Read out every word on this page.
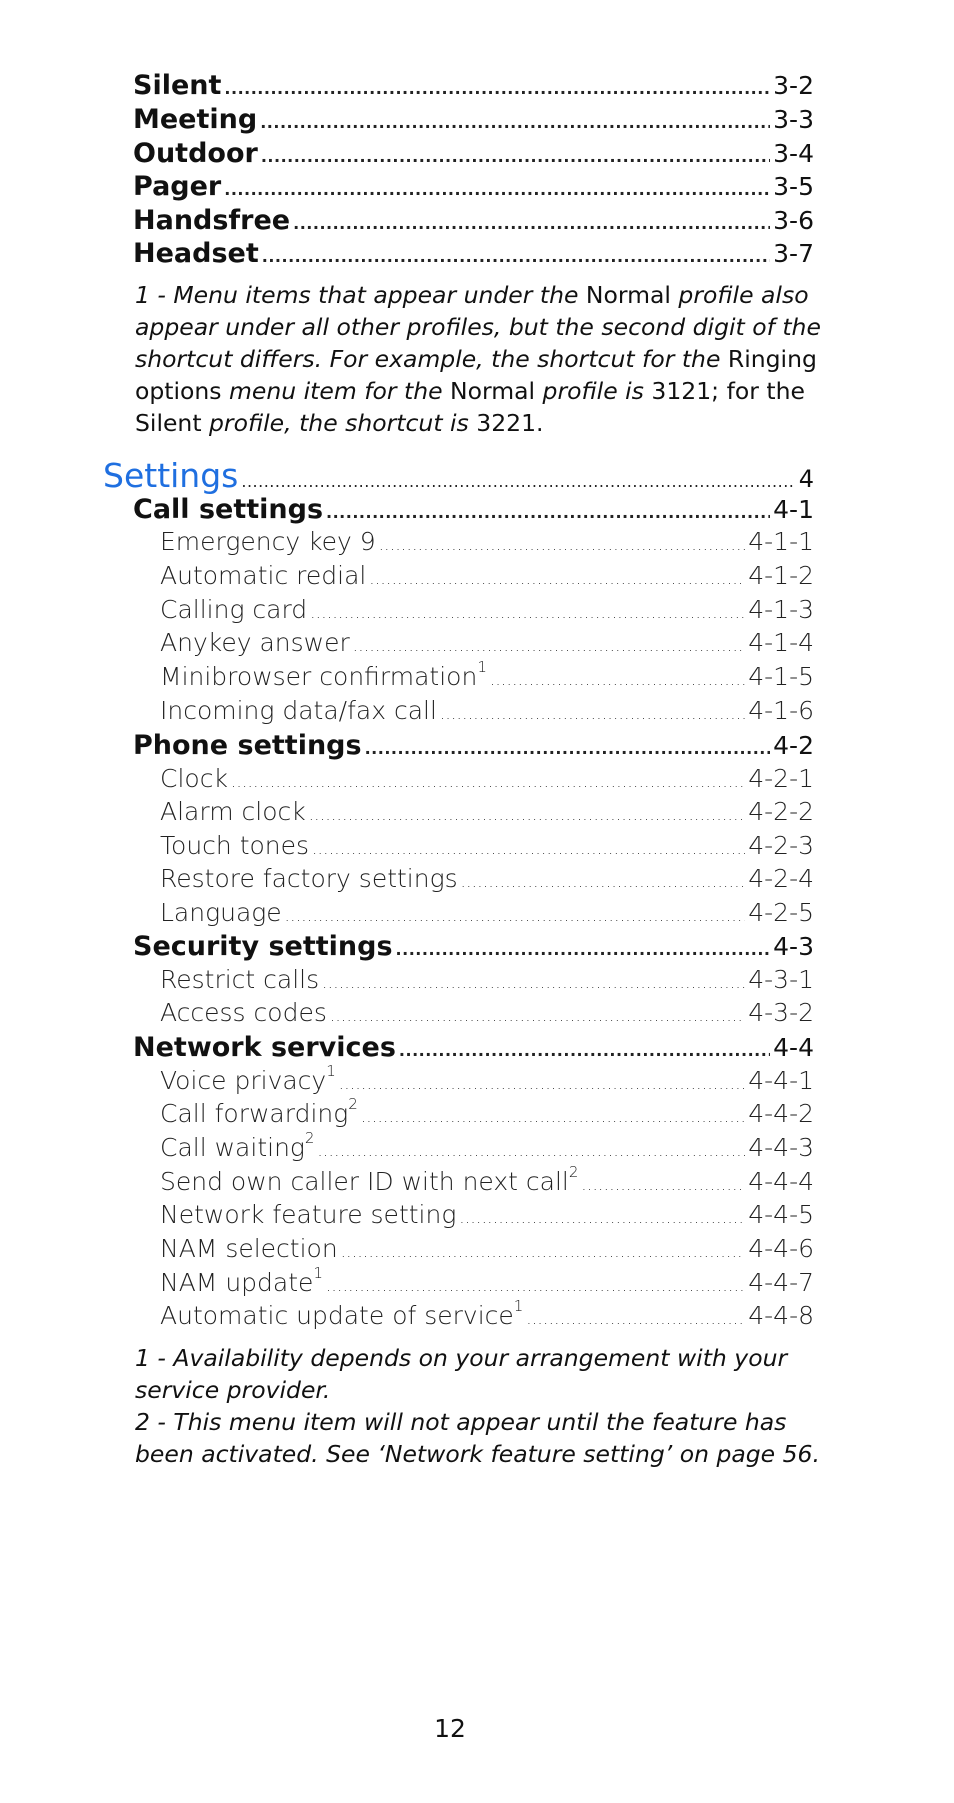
Silent .....	3-2
Meeting .....	3-3
Outdoor .....	3-4
Pager .....	3-5
Handsfree .....	3-6
Headset .....	3-7
1 - Menu items that appear under the Normal profile also appear under all other profiles, but the second digit of the shortcut differs. For example, the shortcut for the Ringing options menu item for the Normal profile is 3121; for the Silent profile, the shortcut is 3221.
Settings .....	4
Call settings .....	4-1
Emergency key 9 .....	4-1-1
Automatic redial .....	4-1-2
Calling card .....	4-1-3
Anykey answer .....	4-1-4
Minibrowser confirmation$^1$ .....	4-1-5
Incoming data/fax call .....	4-1-6
Phone settings .....	4-2
Clock .....	4-2-1
Alarm clock .....	4-2-2
Touch tones .....	4-2-3
Restore factory settings .....	4-2-4
Language .....	4-2-5
Security settings .....	4-3
Restrict calls .....	4-3-1
Access codes .....	4-3-2
Network services .....	4-4
Voice privacy$^1$ .....	4-4-1
Call forwarding$^2$ .....	4-4-2
Call waiting$^2$ .....	4-4-3
Send own caller ID with next call$^2$ .....	4-4-4
Network feature setting .....	4-4-5
NAM selection .....	4-4-6
NAM update$^1$ .....	4-4-7
Automatic update of service$^1$ .....	4-4-8
1 - Availability depends on your arrangement with your service provider.
2 - This menu item will not appear until the feature has been activated. See ‘Network feature setting’ on page 56.
12
